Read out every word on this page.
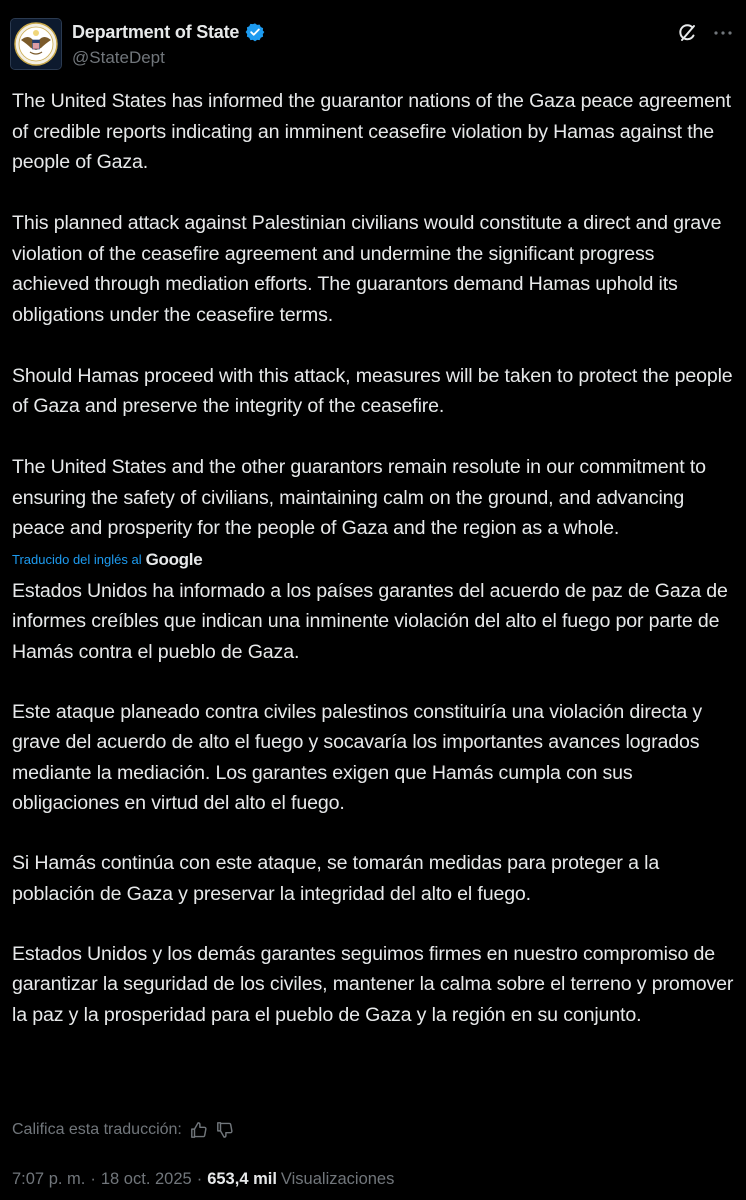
Department of State
@StateDept

The United States has informed the guarantor nations of the Gaza peace agreement of credible reports indicating an imminent ceasefire violation by Hamas against the people of Gaza.

This planned attack against Palestinian civilians would constitute a direct and grave violation of the ceasefire agreement and undermine the significant progress achieved through mediation efforts. The guarantors demand Hamas uphold its obligations under the ceasefire terms.

Should Hamas proceed with this attack, measures will be taken to protect the people of Gaza and preserve the integrity of the ceasefire.

The United States and the other guarantors remain resolute in our commitment to ensuring the safety of civilians, maintaining calm on the ground, and advancing peace and prosperity for the people of Gaza and the region as a whole.

Traducido del inglés al Google

Estados Unidos ha informado a los países garantes del acuerdo de paz de Gaza de informes creíbles que indican una inminente violación del alto el fuego por parte de Hamás contra el pueblo de Gaza.

Este ataque planeado contra civiles palestinos constituiría una violación directa y grave del acuerdo de alto el fuego y socavaría los importantes avances logrados mediante la mediación. Los garantes exigen que Hamás cumpla con sus obligaciones en virtud del alto el fuego.

Si Hamás continúa con este ataque, se tomarán medidas para proteger a la población de Gaza y preservar la integridad del alto el fuego.

Estados Unidos y los demás garantes seguimos firmes en nuestro compromiso de garantizar la seguridad de los civiles, mantener la calma sobre el terreno y promover la paz y la prosperidad para el pueblo de Gaza y la región en su conjunto.

Califica esta traducción:
7:07 p. m. · 18 oct. 2025 · 653,4 mil Visualizaciones
